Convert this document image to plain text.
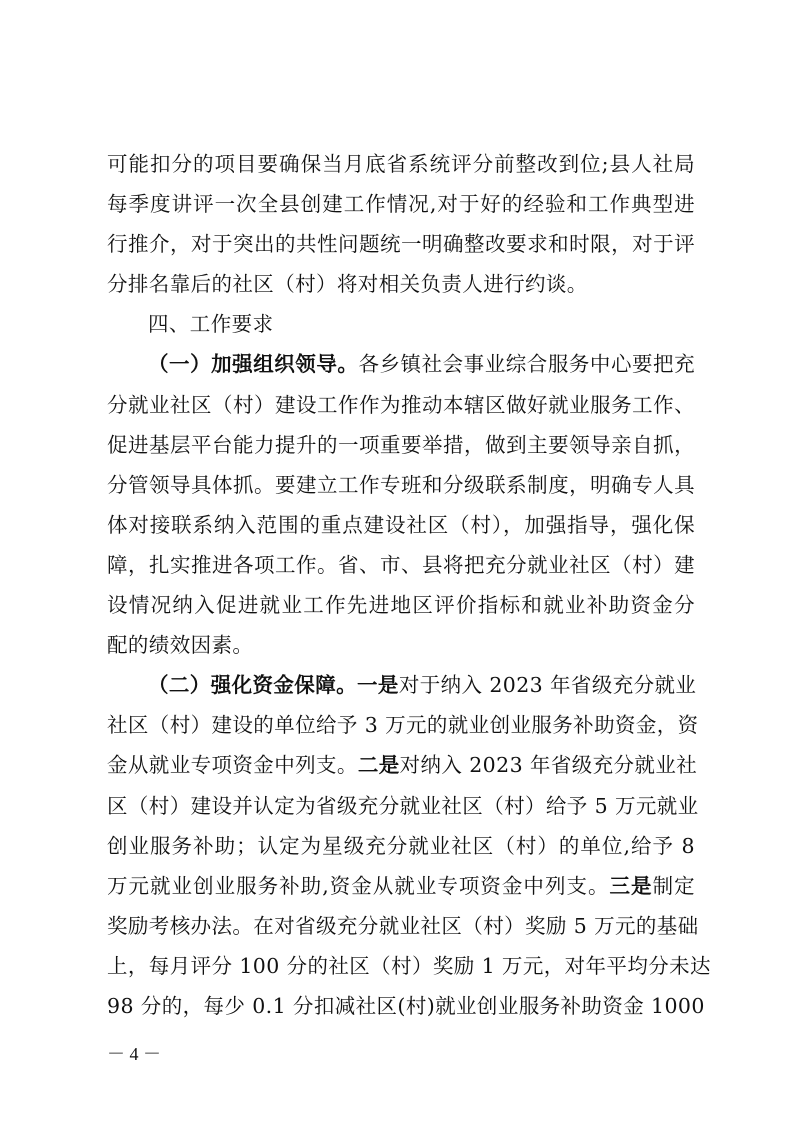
可能扣分的项目要确保当月底省系统评分前整改到位;县人社局
每季度讲评一次全县创建工作情况,对于好的经验和工作典型进
行推介，对于突出的共性问题统一明确整改要求和时限，对于评
分排名靠后的社区（村）将对相关负责人进行约谈。
四、工作要求
（一）加强组织领导。各乡镇社会事业综合服务中心要把充
分就业社区（村）建设工作作为推动本辖区做好就业服务工作、
促进基层平台能力提升的一项重要举措，做到主要领导亲自抓，
分管领导具体抓。要建立工作专班和分级联系制度，明确专人具
体对接联系纳入范围的重点建设社区（村），加强指导，强化保
障，扎实推进各项工作。省、市、县将把充分就业社区（村）建
设情况纳入促进就业工作先进地区评价指标和就业补助资金分
配的绩效因素。
（二）强化资金保障。一是对于纳入 2023 年省级充分就业
社区（村）建设的单位给予 3 万元的就业创业服务补助资金，资
金从就业专项资金中列支。二是对纳入 2023 年省级充分就业社
区（村）建设并认定为省级充分就业社区（村）给予 5 万元就业
创业服务补助；认定为星级充分就业社区（村）的单位,给予 8
万元就业创业服务补助,资金从就业专项资金中列支。三是制定
奖励考核办法。在对省级充分就业社区（村）奖励 5 万元的基础
上，每月评分 100 分的社区（村）奖励 1 万元，对年平均分未达
98 分的，每少 0.1 分扣减社区(村)就业创业服务补助资金 1000
－ 4 －
